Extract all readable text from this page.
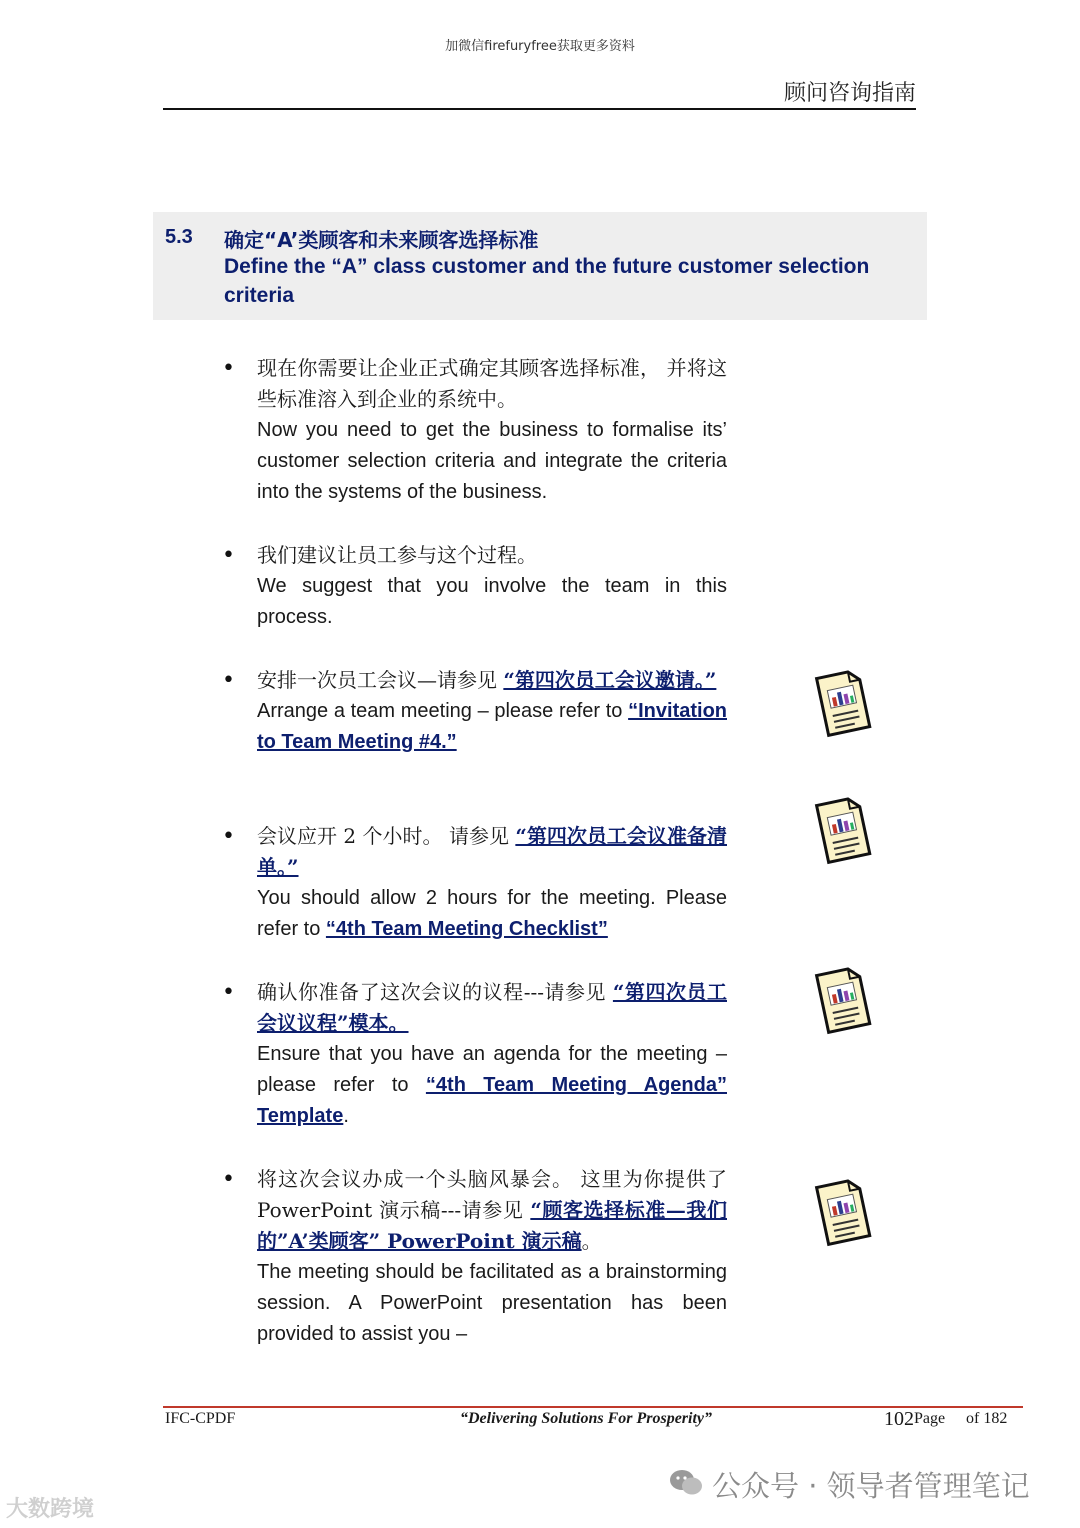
加微信firefuryfree获取更多资料
顾问咨询指南
5.3 确定“A’类顾客和未来顾客选择标准
Define the “A” class customer and the future customer selection criteria
• 现在你需要让企业正式确定其顾客选择标准， 并将这些标准溶入到企业的系统中。
Now you need to get the business to formalise its’ customer selection criteria and integrate the criteria into the systems of the business.
• 我们建议让员工参与这个过程。
We suggest that you involve the team in this process.
• 安排一次员工会议—请参见 “第四次员工会议邀请。”
Arrange a team meeting – please refer to “Invitation to Team Meeting #4.”
• 会议应开 2 个小时。 请参见 “第四次员工会议准备清单。”
You should allow 2 hours for the meeting. Please refer to “4th Team Meeting Checklist”
• 确认你准备了这次会议的议程---请参见 “第四次员工会议议程”模本。
Ensure that you have an agenda for the meeting – please refer to “4th Team Meeting Agenda” Template.
• 将这次会议办成一个头脑风暴会。 这里为你提供了 PowerPoint 演示稿---请参见 “顾客选择标准—我们的”A’类顾客” PowerPoint 演示稿。
The meeting should be facilitated as a brainstorming session. A PowerPoint presentation has been provided to assist you –
IFC-CPDF	“Delivering Solutions For Prosperity”	102 Page of 182
公众号 · 领导者管理笔记
大数跨境
